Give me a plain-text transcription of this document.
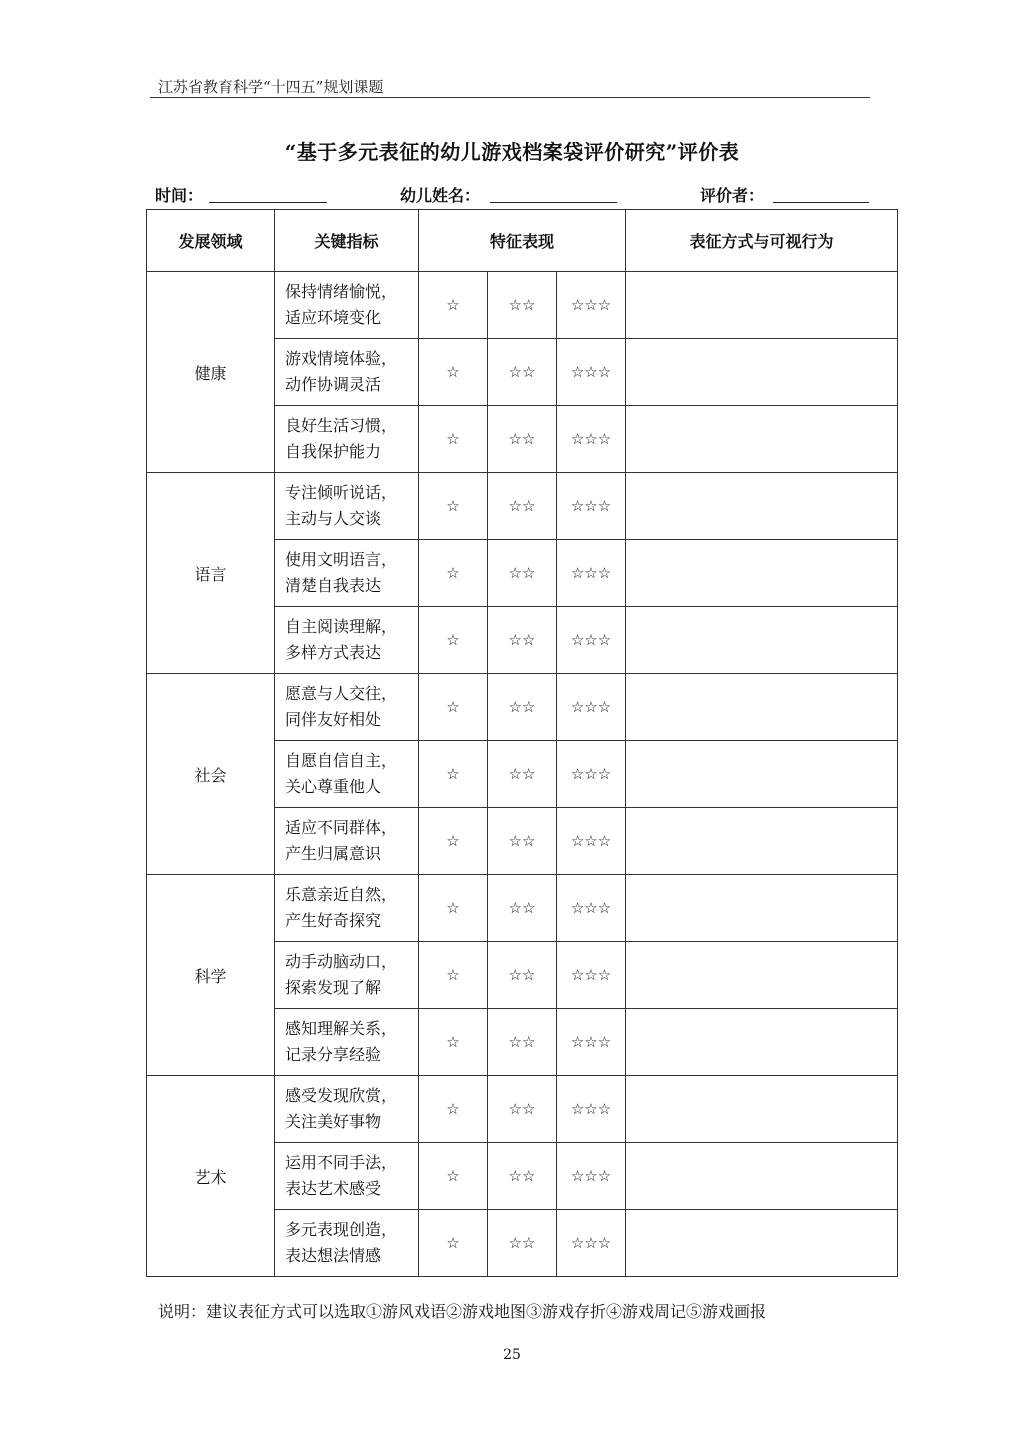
江苏省教育科学“十四五”规划课题
“基于多元表征的幼儿游戏档案袋评价研究”评价表
时间：	幼儿姓名：	评价者：
发展领域	关键指标	特征表现			表征方式与可视行为
健康	保持情绪愉悦，
适应环境变化	☆	☆☆	☆☆☆	

	游戏情境体验，
动作协调灵活	☆	☆☆	☆☆☆	

	良好生活习惯，
自我保护能力	☆	☆☆	☆☆☆	
语言	专注倾听说话，
主动与人交谈	☆	☆☆	☆☆☆	

	使用文明语言，
清楚自我表达	☆	☆☆	☆☆☆	

	自主阅读理解，
多样方式表达	☆	☆☆	☆☆☆	
社会	愿意与人交往，
同伴友好相处	☆	☆☆	☆☆☆	

	自愿自信自主，
关心尊重他人	☆	☆☆	☆☆☆	

	适应不同群体，
产生归属意识	☆	☆☆	☆☆☆	
科学	乐意亲近自然，
产生好奇探究	☆	☆☆	☆☆☆	

	动手动脑动口，
探索发现了解	☆	☆☆	☆☆☆	

	感知理解关系，
记录分享经验	☆	☆☆	☆☆☆	
艺术	感受发现欣赏，
关注美好事物	☆	☆☆	☆☆☆	

	运用不同手法，
表达艺术感受	☆	☆☆	☆☆☆	

	多元表现创造，
表达想法情感	☆	☆☆	☆☆☆	
说明：建议表征方式可以选取①游风戏语②游戏地图③游戏存折④游戏周记⑤游戏画报
25
